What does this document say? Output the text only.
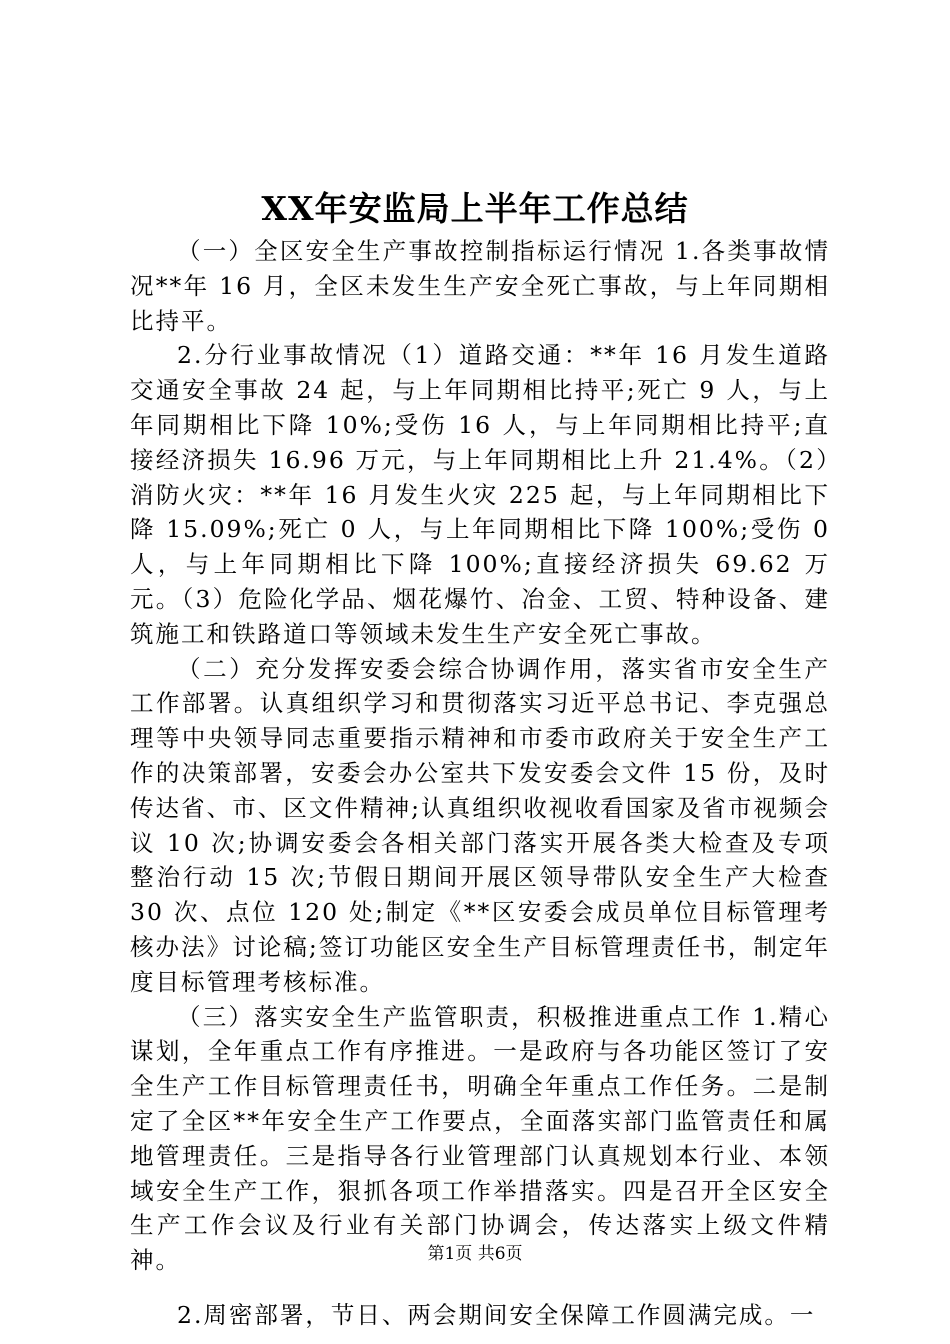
XX年安监局上半年工作总结

（一）全区安全生产事故控制指标运行情况 1.各类事故情况**年 16 月，全区未发生生产安全死亡事故，与上年同期相比持平。

2.分行业事故情况（1）道路交通：**年 16 月发生道路交通安全事故 24 起，与上年同期相比持平;死亡 9 人，与上年同期相比下降 10%;受伤 16 人，与上年同期相比持平;直接经济损失 16.96 万元，与上年同期相比上升 21.4%。（2）消防火灾：**年 16 月发生火灾 225 起，与上年同期相比下降 15.09%;死亡 0 人，与上年同期相比下降 100%;受伤 0 人，与上年同期相比下降 100%;直接经济损失 69.62 万元。（3）危险化学品、烟花爆竹、冶金、工贸、特种设备、建筑施工和铁路道口等领域未发生生产安全死亡事故。

（二）充分发挥安委会综合协调作用，落实省市安全生产工作部署。认真组织学习和贯彻落实习近平总书记、李克强总理等中央领导同志重要指示精神和市委市政府关于安全生产工作的决策部署，安委会办公室共下发安委会文件 15 份，及时传达省、市、区文件精神;认真组织收视收看国家及省市视频会议 10 次;协调安委会各相关部门落实开展各类大检查及专项整治行动 15 次;节假日期间开展区领导带队安全生产大检查 30 次、点位 120 处;制定《**区安委会成员单位目标管理考核办法》讨论稿;签订功能区安全生产目标管理责任书，制定年度目标管理考核标准。

（三）落实安全生产监管职责，积极推进重点工作 1.精心谋划，全年重点工作有序推进。一是政府与各功能区签订了安全生产工作目标管理责任书，明确全年重点工作任务。二是制定了全区**年安全生产工作要点，全面落实部门监管责任和属地管理责任。三是指导各行业管理部门认真规划本行业、本领域安全生产工作，狠抓各项工作举措落实。四是召开全区安全生产工作会议及行业有关部门协调会，传达落实上级文件精神。

2.周密部署，节日、两会期间安全保障工作圆满完成。一

第1页 共6页
